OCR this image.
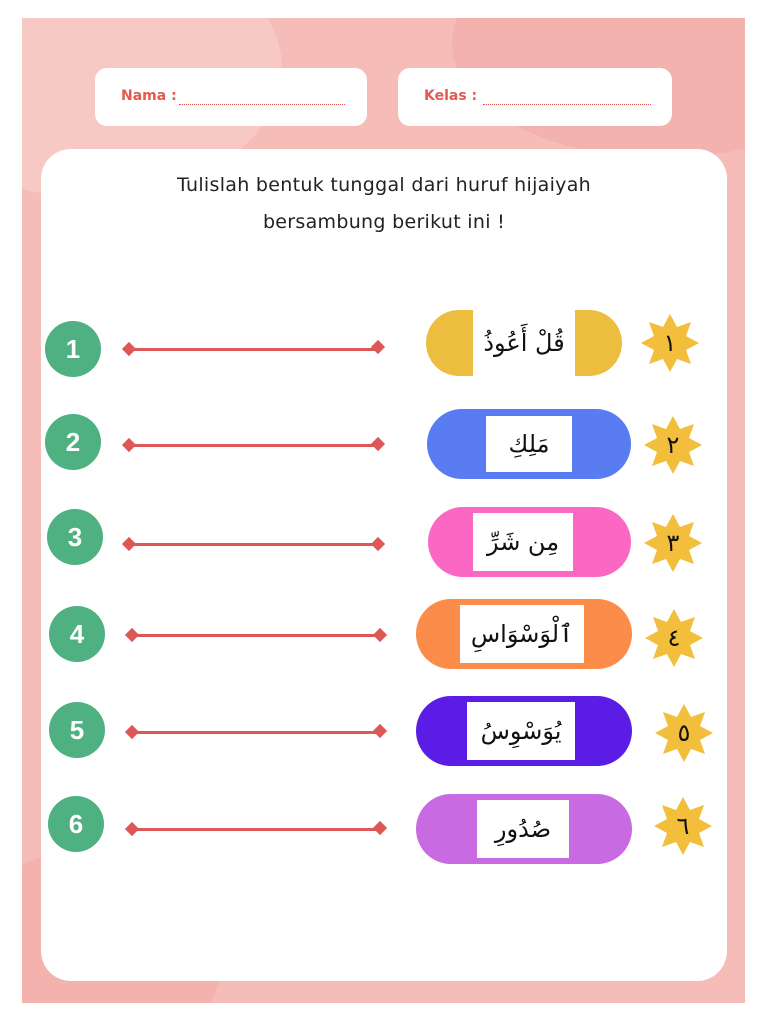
Nama :	Kelas :
Tulislah bentuk tunggal dari huruf hijaiyah
bersambung berikut ini !
1	قُلْ أَعُوذُ	١
2	مَلِكِ	٢
3	مِن شَرِّ	٣
4	ٱلْوَسْوَاسِ	٤
5	يُوَسْوِسُ	٥
6	صُدُورِ	٦
